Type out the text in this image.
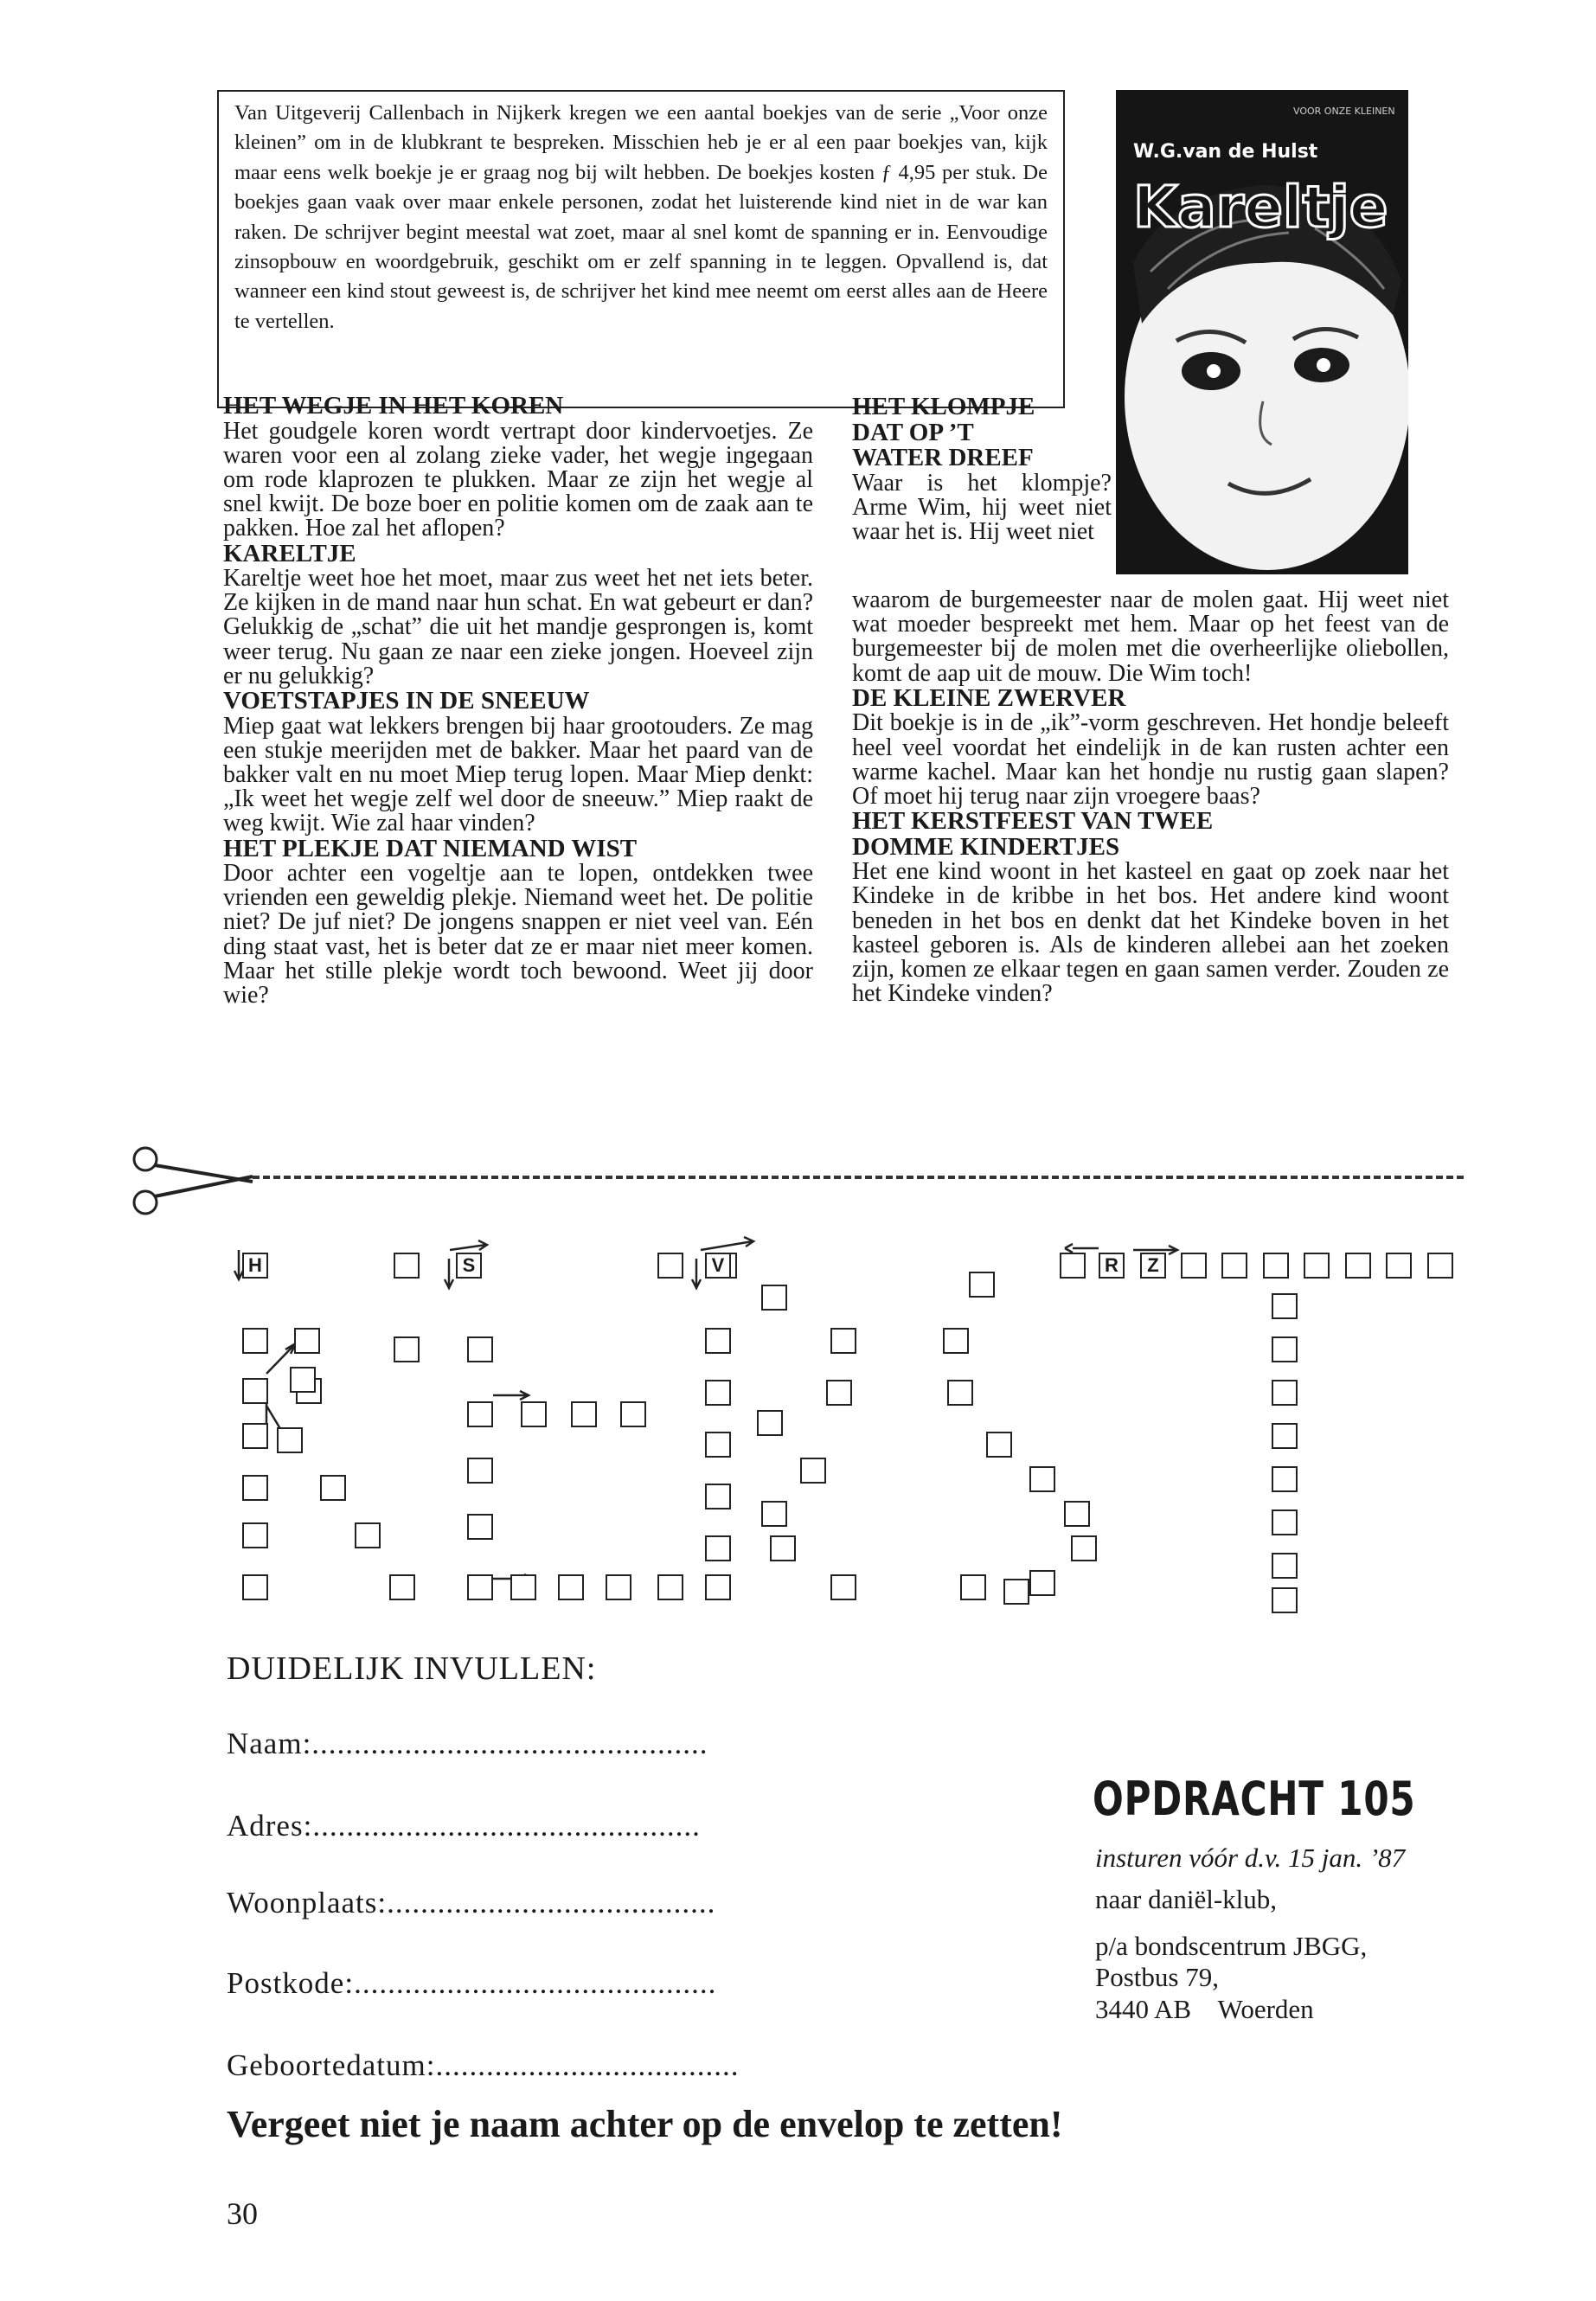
Van Uitgeverij Callenbach in Nijkerk kregen we een aantal boekjes van de serie „Voor onze kleinen” om in de klubkrant te bespreken. Misschien heb je er al een paar boekjes van, kijk maar eens welk boekje je er graag nog bij wilt hebben. De boekjes kosten ƒ 4,95 per stuk. De boekjes gaan vaak over maar enkele personen, zodat het luisterende kind niet in de war kan raken. De schrijver begint meestal wat zoet, maar al snel komt de spanning er in. Eenvoudige zinsopbouw en woordgebruik, geschikt om er zelf spanning in te leggen. Opvallend is, dat wanneer een kind stout geweest is, de schrijver het kind mee neemt om eerst alles aan de Heere te vertellen.

VOOR ONZE KLEINEN
W.G.van de Hulst
Kareltje
HET WEGJE IN HET KOREN

Het goudgele koren wordt vertrapt door kindervoetjes. Ze waren voor een al zolang zieke vader, het wegje ingegaan om rode klaprozen te plukken. Maar ze zijn het wegje al snel kwijt. De boze boer en politie komen om de zaak aan te pakken. Hoe zal het aflopen?

KARELTJE

Kareltje weet hoe het moet, maar zus weet het net iets beter. Ze kijken in de mand naar hun schat. En wat gebeurt er dan? Gelukkig de „schat” die uit het mandje gesprongen is, komt weer terug. Nu gaan ze naar een zieke jongen. Hoeveel zijn er nu gelukkig?

VOETSTAPJES IN DE SNEEUW

Miep gaat wat lekkers brengen bij haar grootouders. Ze mag een stukje meerijden met de bakker. Maar het paard van de bakker valt en nu moet Miep terug lopen. Maar Miep denkt: „Ik weet het wegje zelf wel door de sneeuw.” Miep raakt de weg kwijt. Wie zal haar vinden?

HET PLEKJE DAT NIEMAND WIST

Door achter een vogeltje aan te lopen, ontdekken twee vrienden een geweldig plekje. Niemand weet het. De politie niet? De juf niet? De jongens snappen er niet veel van. Eén ding staat vast, het is beter dat ze er maar niet meer komen. Maar het stille plekje wordt toch bewoond. Weet jij door wie?

HET KLOMPJE
DAT OP ’T
WATER DREEF

Waar is het klompje? Arme Wim, hij weet niet waar het is. Hij weet niet

waarom de burgemeester naar de molen gaat. Hij weet niet wat moeder bespreekt met hem. Maar op het feest van de burgemeester bij de molen met die overheerlijke oliebollen, komt de aap uit de mouw. Die Wim toch!

DE KLEINE ZWERVER

Dit boekje is in de „ik”-vorm geschreven. Het hondje beleeft heel veel voordat het eindelijk in de kan rusten achter een warme kachel. Maar kan het hondje nu rustig gaan slapen? Of moet hij terug naar zijn vroegere baas?

HET KERSTFEEST VAN TWEE DOMME KINDERTJES

Het ene kind woont in het kasteel en gaat op zoek naar het Kindeke in de kribbe in het bos. Het andere kind woont beneden in het bos en denkt dat het Kindeke boven in het kasteel geboren is. Als de kinderen allebei aan het zoeken zijn, komen ze elkaar tegen en gaan samen verder. Zouden ze het Kindeke vinden?

H	S	V	R	Z
DUIDELIJK INVULLEN:
Naam:...............................................
Adres:..............................................
Woonplaats:.......................................
Postkode:...........................................
Geboortedatum:....................................
OPDRACHT 105
insturen vóór d.v. 15 jan. ’87
naar daniël-klub,
p/a bondscentrum JBGG,
Postbus 79,
3440 AB    Woerden
Vergeet niet je naam achter op de envelop te zetten!
30
